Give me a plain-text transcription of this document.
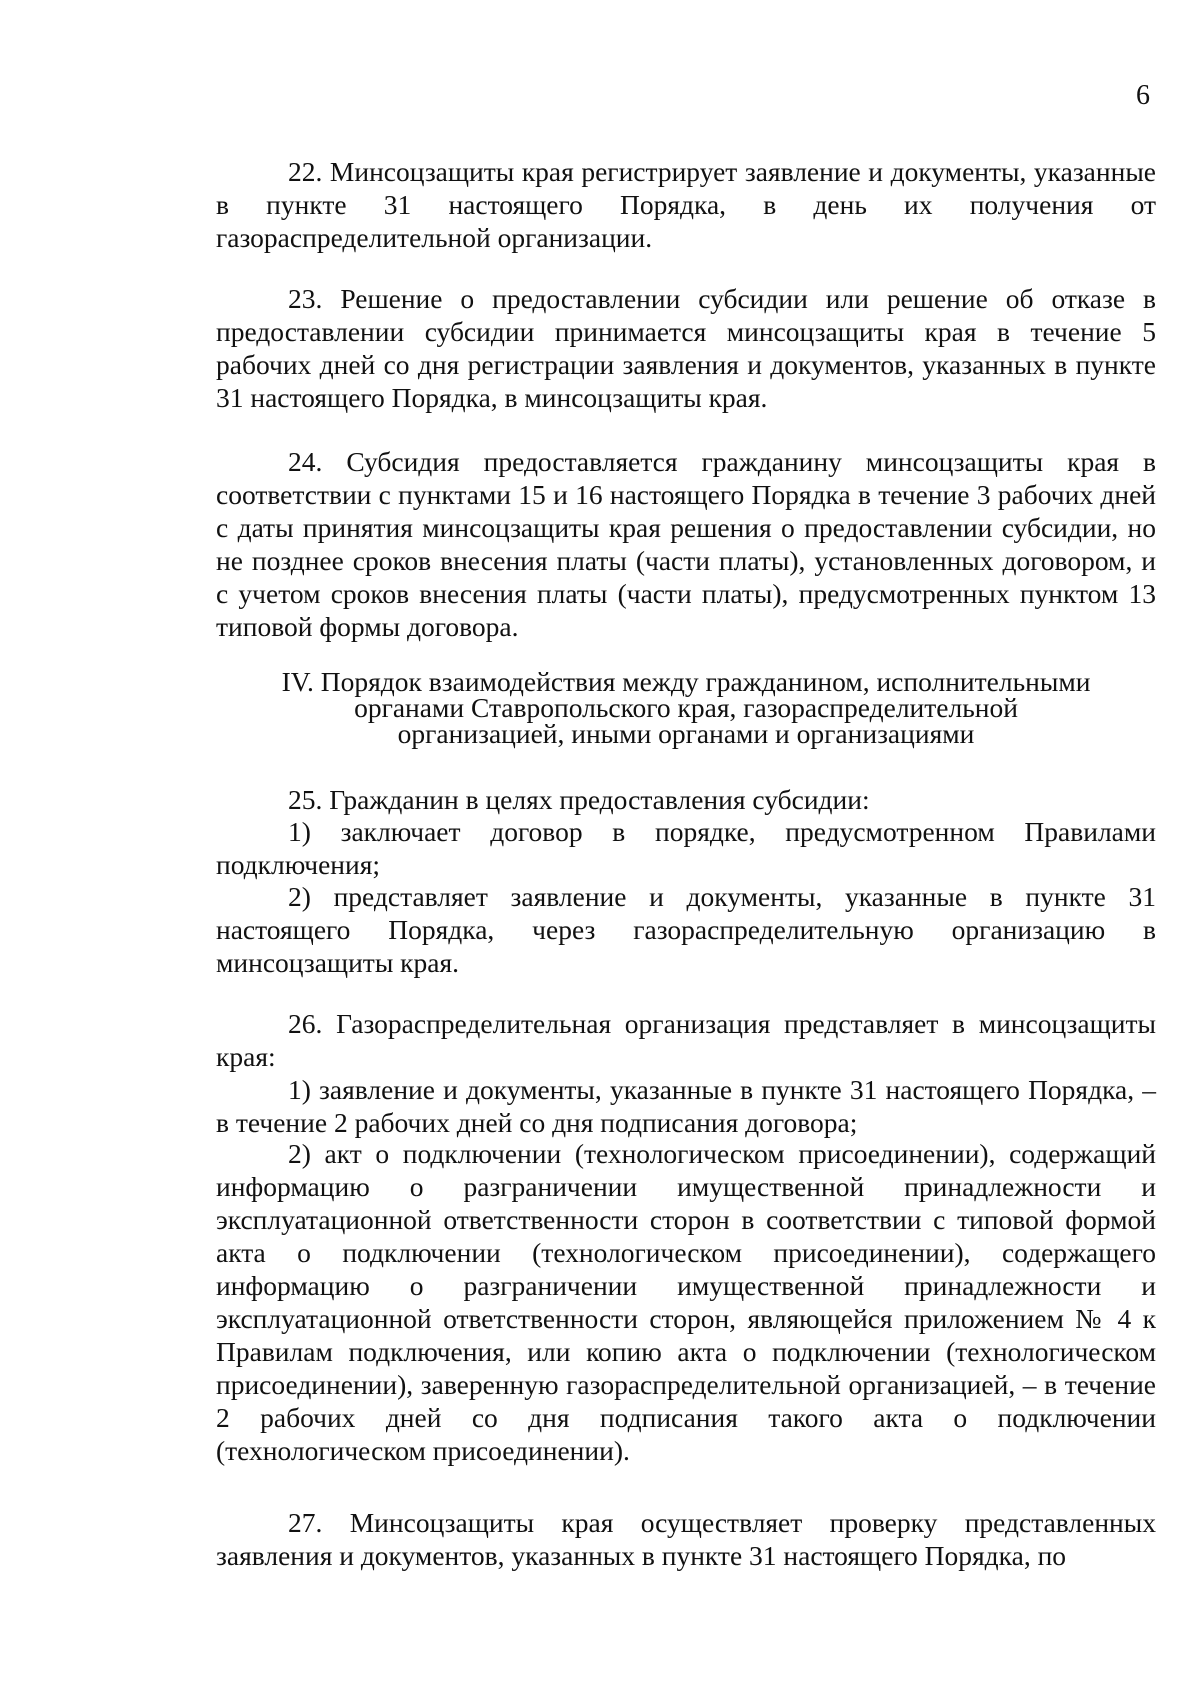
6

22. Минсоцзащиты края регистрирует заявление и документы, указанные в пункте 31 настоящего Порядка, в день их получения от газораспределительной организации.

23. Решение о предоставлении субсидии или решение об отказе в предоставлении субсидии принимается минсоцзащиты края в течение 5 рабочих дней со дня регистрации заявления и документов, указанных в пункте 31 настоящего Порядка, в минсоцзащиты края.

24. Субсидия предоставляется гражданину минсоцзащиты края в соответствии с пунктами 15 и 16 настоящего Порядка в течение 3 рабочих дней с даты принятия минсоцзащиты края решения о предоставлении субсидии, но не позднее сроков внесения платы (части платы), установленных договором, и с учетом сроков внесения платы (части платы), предусмотренных пунктом 13 типовой формы договора.

IV. Порядок взаимодействия между гражданином, исполнительными
органами Ставропольского края, газораспределительной
организацией, иными органами и организациями

25. Гражданин в целях предоставления субсидии:

1) заключает договор в порядке, предусмотренном Правилами подключения;

2) представляет заявление и документы, указанные в пункте 31 настоящего Порядка, через газораспределительную организацию в минсоцзащиты края.

26. Газораспределительная организация представляет в минсоцзащиты края:

1) заявление и документы, указанные в пункте 31 настоящего Порядка, – в течение 2 рабочих дней со дня подписания договора;

2) акт о подключении (технологическом присоединении), содержащий информацию о разграничении имущественной принадлежности и эксплуатационной ответственности сторон в соответствии с типовой формой акта о подключении (технологическом присоединении), содержащего информацию о разграничении имущественной принадлежности и эксплуатационной ответственности сторон, являющейся приложением № 4 к Правилам подключения, или копию акта о подключении (технологическом присоединении), заверенную газораспределительной организацией, – в течение 2 рабочих дней со дня подписания такого акта о подключении (технологическом присоединении).

27. Минсоцзащиты края осуществляет проверку представленных заявления и документов, указанных в пункте 31 настоящего Порядка, по
